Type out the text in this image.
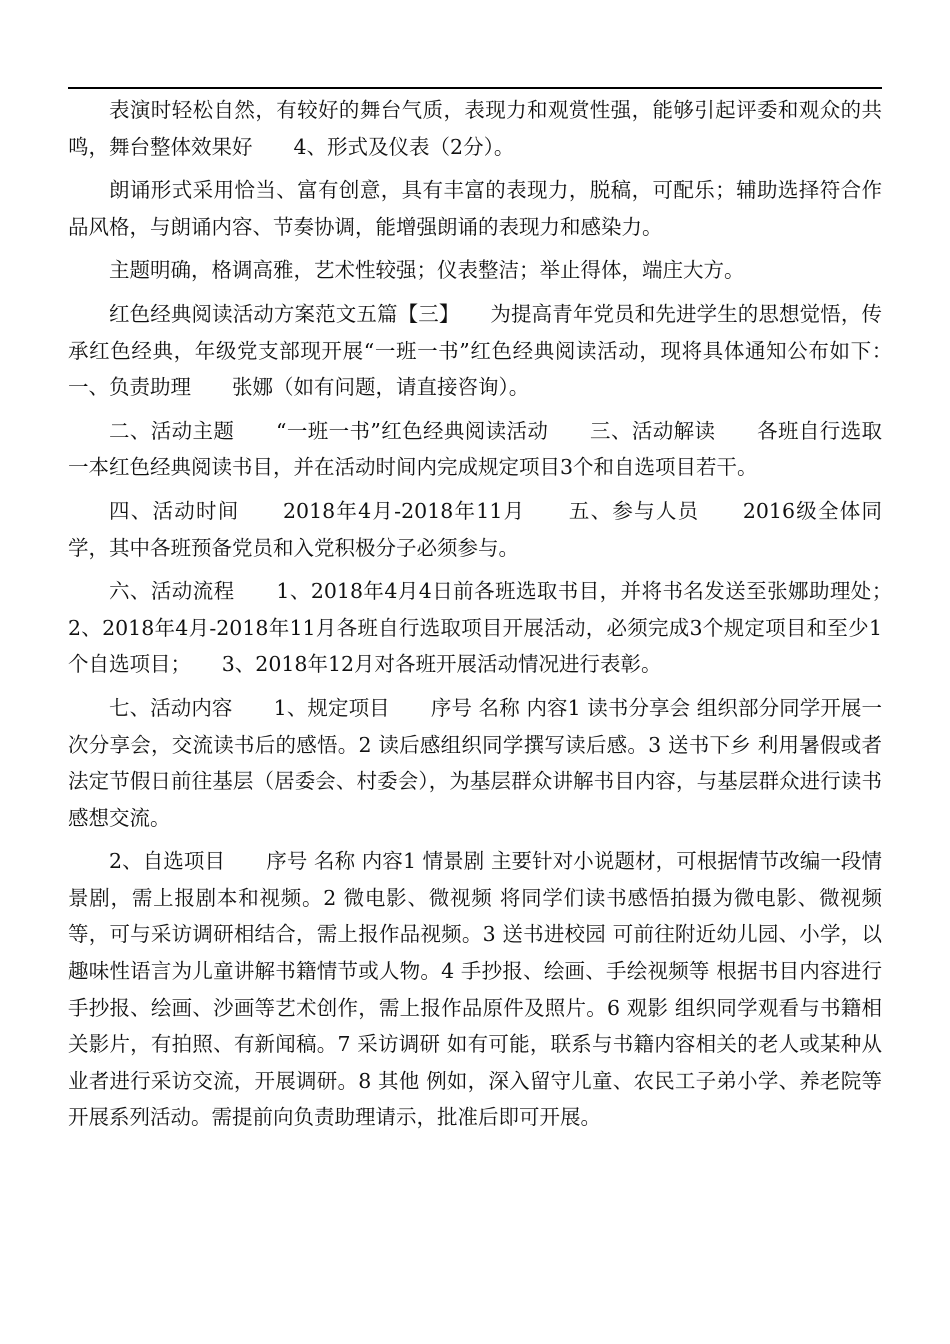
表演时轻松自然，有较好的舞台气质，表现力和观赏性强，能够引起评委和观众的共鸣，舞台整体效果好　　4、形式及仪表（2分）。

朗诵形式采用恰当、富有创意，具有丰富的表现力，脱稿，可配乐；辅助选择符合作品风格，与朗诵内容、节奏协调，能增强朗诵的表现力和感染力。

主题明确，格调高雅，艺术性较强；仪表整洁；举止得体，端庄大方。

红色经典阅读活动方案范文五篇【三】　　为提高青年党员和先进学生的思想觉悟，传承红色经典，年级党支部现开展“一班一书”红色经典阅读活动，现将具体通知公布如下：　　一、负责助理　　张娜（如有问题，请直接咨询）。

二、活动主题　　“一班一书”红色经典阅读活动　　三、活动解读　　各班自行选取一本红色经典阅读书目，并在活动时间内完成规定项目3个和自选项目若干。

四、活动时间　　2018年4月-2018年11月　　五、参与人员　　2016级全体同学，其中各班预备党员和入党积极分子必须参与。

六、活动流程　　1、2018年4月4日前各班选取书目，并将书名发送至张娜助理处；　　2、2018年4月-2018年11月各班自行选取项目开展活动，必须完成3个规定项目和至少1个自选项目；　　3、2018年12月对各班开展活动情况进行表彰。

七、活动内容　　1、规定项目　　序号 名称 内容1 读书分享会 组织部分同学开展一次分享会，交流读书后的感悟。2 读后感组织同学撰写读后感。3 送书下乡 利用暑假或者法定节假日前往基层（居委会、村委会），为基层群众讲解书目内容，与基层群众进行读书感想交流。

2、自选项目　　序号 名称 内容1 情景剧 主要针对小说题材，可根据情节改编一段情景剧，需上报剧本和视频。2 微电影、微视频 将同学们读书感悟拍摄为微电影、微视频等，可与采访调研相结合，需上报作品视频。3 送书进校园 可前往附近幼儿园、小学，以趣味性语言为儿童讲解书籍情节或人物。4 手抄报、绘画、手绘视频等 根据书目内容进行手抄报、绘画、沙画等艺术创作，需上报作品原件及照片。6 观影 组织同学观看与书籍相关影片，有拍照、有新闻稿。7 采访调研 如有可能，联系与书籍内容相关的老人或某种从业者进行采访交流，开展调研。8 其他 例如，深入留守儿童、农民工子弟小学、养老院等开展系列活动。需提前向负责助理请示，批准后即可开展。
